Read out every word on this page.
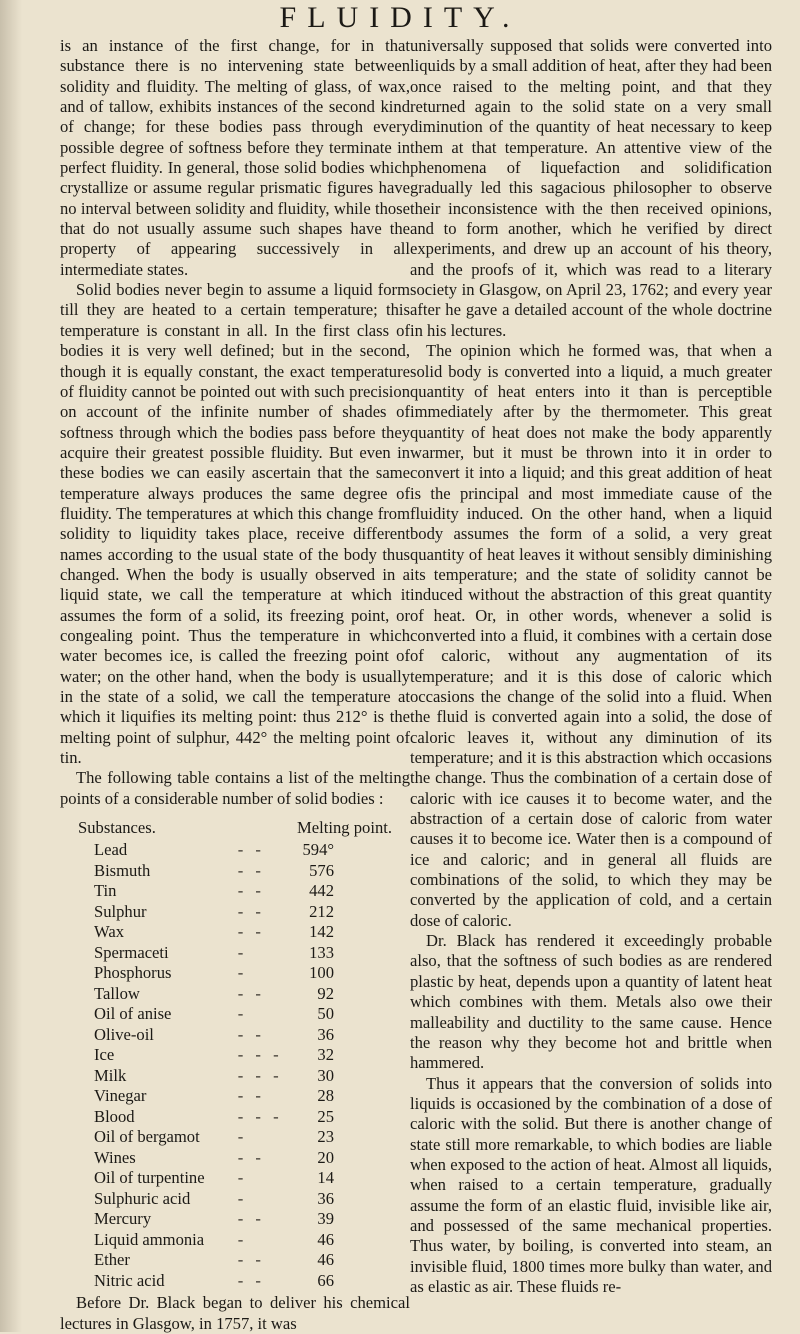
FLUIDITY.

is an instance of the first change, for in that substance there is no intervening state between solidity and fluidity. The melting of glass, of wax, and of tallow, exhibits instances of the second kind of change; for these bodies pass through every possible degree of softness before they terminate in perfect fluidity. In general, those solid bodies which crystallize or assume regular prismatic figures have no interval between solidity and fluidity, while those that do not usually assume such shapes have the property of appearing successively in all intermediate states.

Solid bodies never begin to assume a liquid form till they are heated to a certain temperature; this temperature is constant in all. In the first class of bodies it is very well defined; but in the second, though it is equally constant, the exact temperature of fluidity cannot be pointed out with such precision on account of the infinite number of shades of softness through which the bodies pass before they acquire their greatest possible fluidity. But even in these bodies we can easily ascertain that the same temperature always produces the same degree of fluidity. The temperatures at which this change from solidity to liquidity takes place, receive different names according to the usual state of the body thus changed. When the body is usually observed in a liquid state, we call the temperature at which it assumes the form of a solid, its freezing point, or congealing point. Thus the temperature in which water becomes ice, is called the freezing point of water; on the other hand, when the body is usually in the state of a solid, we call the temperature at which it liquifies its melting point: thus 212° is the melting point of sulphur, 442° the melting point of tin.

The following table contains a list of the melting points of a considerable number of solid bodies :

Substances.	Melting point.
Lead	- -	594°
Bismuth	- -	576
Tin	- -	442
Sulphur	- -	212
Wax	- -	142
Spermaceti	-	133
Phosphorus	-	100
Tallow	- -	92
Oil of anise	-	50
Olive-oil	- -	36
Ice	- - -	32
Milk	- - -	30
Vinegar	- -	28
Blood	- - -	25
Oil of bergamot	-	23
Wines	- -	20
Oil of turpentine	-	14
Sulphuric acid	-	36
Mercury	- -	39
Liquid ammonia	-	46
Ether	- -	46
Nitric acid	- -	66

Before Dr. Black began to deliver his chemical lectures in Glasgow, in 1757, it was

universally supposed that solids were converted into liquids by a small addition of heat, after they had been once raised to the melting point, and that they returned again to the solid state on a very small diminution of the quantity of heat necessary to keep them at that temperature. An attentive view of the phenomena of liquefaction and solidification gradually led this sagacious philosopher to observe their inconsistence with the then received opinions, and to form another, which he verified by direct experiments, and drew up an account of his theory, and the proofs of it, which was read to a literary society in Glasgow, on April 23, 1762; and every year after he gave a detailed account of the whole doctrine in his lectures.

The opinion which he formed was, that when a solid body is converted into a liquid, a much greater quantity of heat enters into it than is perceptible immediately after by the thermometer. This great quantity of heat does not make the body apparently warmer, but it must be thrown into it in order to convert it into a liquid; and this great addition of heat is the principal and most immediate cause of the fluidity induced. On the other hand, when a liquid body assumes the form of a solid, a very great quantity of heat leaves it without sensibly diminishing its temperature; and the state of solidity cannot be induced without the abstraction of this great quantity of heat. Or, in other words, whenever a solid is converted into a fluid, it combines with a certain dose of caloric, without any augmentation of its temperature; and it is this dose of caloric which occasions the change of the solid into a fluid. When the fluid is converted again into a solid, the dose of caloric leaves it, without any diminution of its temperature; and it is this abstraction which occasions the change. Thus the combination of a certain dose of caloric with ice causes it to become water, and the abstraction of a certain dose of caloric from water causes it to become ice. Water then is a compound of ice and caloric; and in general all fluids are combinations of the solid, to which they may be converted by the application of cold, and a certain dose of caloric.

Dr. Black has rendered it exceedingly probable also, that the softness of such bodies as are rendered plastic by heat, depends upon a quantity of latent heat which combines with them. Metals also owe their malleability and ductility to the same cause. Hence the reason why they become hot and brittle when hammered.

Thus it appears that the conversion of solids into liquids is occasioned by the combination of a dose of caloric with the solid. But there is another change of state still more remarkable, to which bodies are liable when exposed to the action of heat. Almost all liquids, when raised to a certain temperature, gradually assume the form of an elastic fluid, invisible like air, and possessed of the same mechanical properties. Thus water, by boiling, is converted into steam, an invisible fluid, 1800 times more bulky than water, and as elastic as air. These fluids re-
